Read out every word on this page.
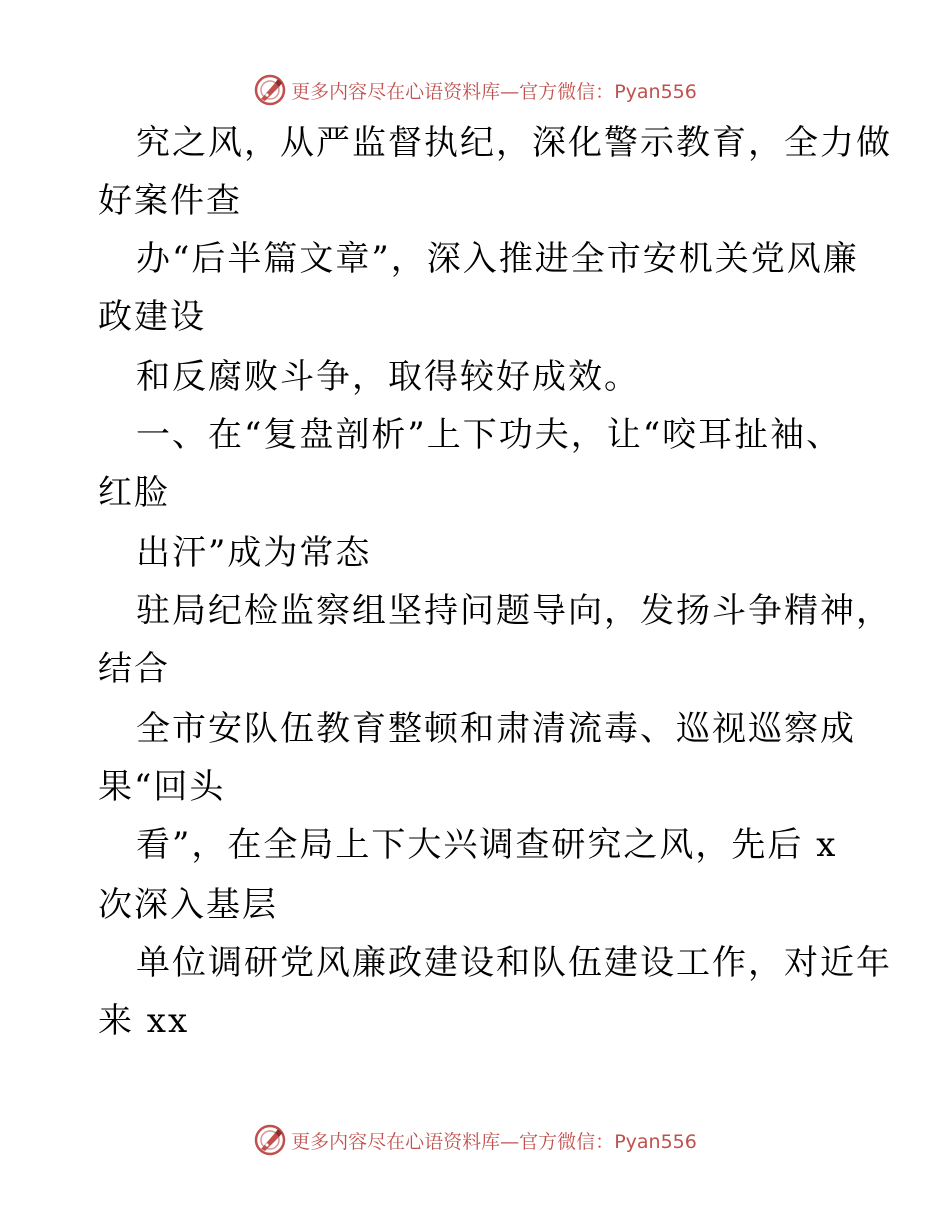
更多内容尽在心语资料库—官方微信：Pyan556
究之风，从严监督执纪，深化警示教育，全力做
好案件查
办“后半篇文章”，深入推进全市安机关党风廉
政建设
和反腐败斗争，取得较好成效。
一、在“复盘剖析”上下功夫，让“咬耳扯袖、
红脸
出汗”成为常态
驻局纪检监察组坚持问题导向，发扬斗争精神，
结合
全市安队伍教育整顿和肃清流毒、巡视巡察成
果“回头
看”，在全局上下大兴调查研究之风，先后 x
次深入基层
单位调研党风廉政建设和队伍建设工作，对近年
来 xx
更多内容尽在心语资料库—官方微信：Pyan556
